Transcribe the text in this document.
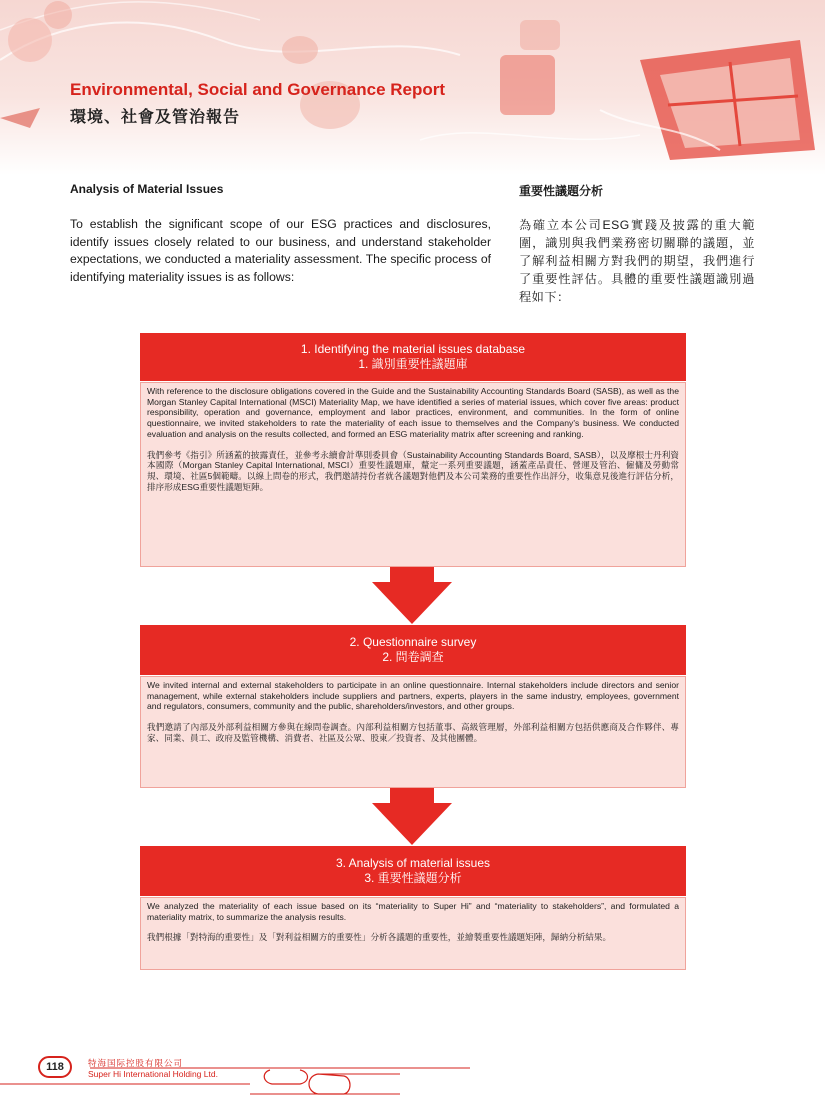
Environmental, Social and Governance Report
環境、社會及管治報告
Analysis of Material Issues	重要性議題分析

To establish the significant scope of our ESG practices and disclosures, identify issues closely related to our business, and understand stakeholder expectations, we conducted a materiality assessment. The specific process of identifying materiality issues is as follows:

為確立本公司ESG實踐及披露的重大範圍，識別與我們業務密切關聯的議題，並了解利益相關方對我們的期望，我們進行了重要性評估。具體的重要性議題識別過程如下：

1. Identifying the material issues database
1. 識別重要性議題庫

With reference to the disclosure obligations covered in the Guide and the Sustainability Accounting Standards Board (SASB), as well as the Morgan Stanley Capital International (MSCI) Materiality Map, we have identified a series of material issues, which cover five areas: product responsibility, operation and governance, employment and labor practices, environment, and communities. In the form of online questionnaire, we invited stakeholders to rate the materiality of each issue to themselves and the Company's business. We conducted evaluation and analysis on the results collected, and formed an ESG materiality matrix after screening and ranking.

我們參考《指引》所涵蓋的披露責任，並參考永續會計準則委員會（Sustainability Accounting Standards Board, SASB），以及摩根士丹利資本國際（Morgan Stanley Capital International, MSCI）重要性議題庫，釐定一系列重要議題，涵蓋產品責任、營運及管治、僱傭及勞動常規、環境、社區5個範疇。以線上問卷的形式，我們邀請持份者就各議題對他們及本公司業務的重要性作出評分，收集意見後進行評估分析，排序形成ESG重要性議題矩陣。

2. Questionnaire survey
2. 問卷調查

We invited internal and external stakeholders to participate in an online questionnaire. Internal stakeholders include directors and senior management, while external stakeholders include suppliers and partners, experts, players in the same industry, employees, government and regulators, consumers, community and the public, shareholders/investors, and other groups.

我們邀請了內部及外部利益相關方參與在線問卷調查。內部利益相關方包括董事、高級管理層，外部利益相關方包括供應商及合作夥伴、專家、同業、員工、政府及監管機構、消費者、社區及公眾、股東／投資者、及其他團體。

3. Analysis of material issues
3. 重要性議題分析

We analyzed the materiality of each issue based on its “materiality to Super Hi” and “materiality to stakeholders”, and formulated a materiality matrix, to summarize the analysis results.

我們根據「對特海的重要性」及「對利益相關方的重要性」分析各議題的重要性，並繪製重要性議題矩陣，歸納分析結果。

118	特海国际控股有限公司

Super Hi International Holding Ltd.
